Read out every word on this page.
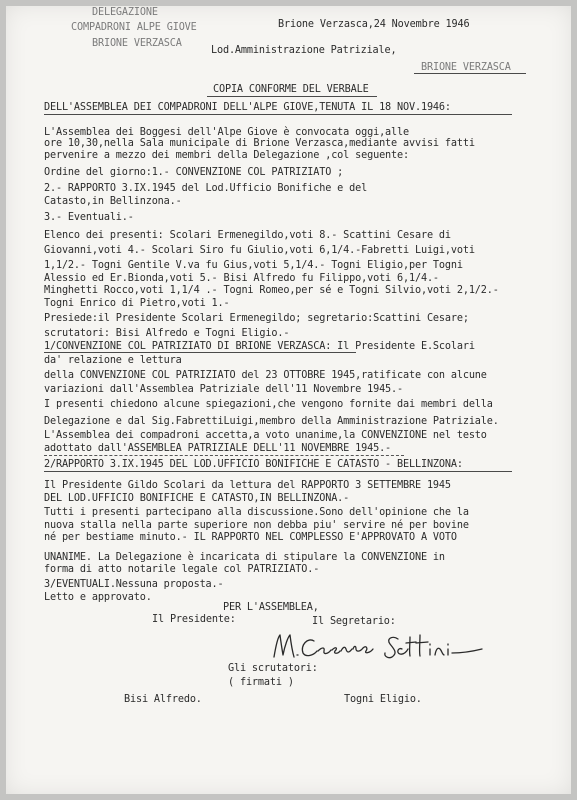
DELEGAZIONE
COMPADRONI ALPE GIOVE
BRIONE VERZASCA
Brione Verzasca,24 Novembre 1946
Lod.Amministrazione Patriziale,
BRIONE VERZASCA
COPIA CONFORME DEL VERBALE
DELL'ASSEMBLEA DEI COMPADRONI DELL'ALPE GIOVE,TENUTA IL 18 NOV.1946:
L'Assemblea dei Boggesi dell'Alpe Giove è convocata oggi,alle
ore 10,30,nella Sala municipale di Brione Verzasca,mediante avvisi fatti
pervenire a mezzo dei membri della Delegazione ,col seguente:
Ordine del giorno:1.- CONVENZIONE COL PATRIZIATO ;
2.- RAPPORTO 3.IX.1945 del Lod.Ufficio Bonifiche e del
Catasto,in Bellinzona.-
3.- Eventuali.-
Elenco dei presenti: Scolari Ermenegildo,voti 8.- Scattini Cesare di
Giovanni,voti 4.- Scolari Siro fu Giulio,voti 6,1/4.-Fabretti Luigi,voti
1,1/2.- Togni Gentile V.va fu Gius,voti 5,1/4.- Togni Eligio,per Togni
Alessio ed Er.Bionda,voti 5.- Bisi Alfredo fu Filippo,voti 6,1/4.-
Minghetti Rocco,voti 1,1/4 .- Togni Romeo,per sé e Togni Silvio,voti 2,1/2.-
Togni Enrico di Pietro,voti 1.-
Presiede:il Presidente Scolari Ermenegildo; segretario:Scattini Cesare;
scrutatori: Bisi Alfredo e Togni Eligio.-
1/CONVENZIONE COL PATRIZIATO DI BRIONE VERZASCA: Il Presidente E.Scolari
da' relazione e lettura
della CONVENZIONE COL PATRIZIATO del 23 OTTOBRE 1945,ratificate con alcune
variazioni dall'Assemblea Patriziale dell'11 Novembre 1945.-
I presenti chiedono alcune spiegazioni,che vengono fornite dai membri della
Delegazione e dal Sig.FabrettiLuigi,membro della Amministrazione Patriziale.
L'Assemblea dei compadroni accetta,a voto unanime,la CONVENZIONE nel testo
adottato dall'ASSEMBLEA PATRIZIALE DELL'11 NOVEMBRE 1945.-
2/RAPPORTO 3.IX.1945 DEL LOD.UFFICIO BONIFICHE E CATASTO - BELLINZONA:
Il Presidente Gildo Scolari da lettura del RAPPORTO 3 SETTEMBRE 1945
DEL LOD.UFFICIO BONIFICHE E CATASTO,IN BELLINZONA.-
Tutti i presenti partecipano alla discussione.Sono dell'opinione che la
nuova stalla nella parte superiore non debba piu' servire né per bovine
né per bestiame minuto.- IL RAPPORTO NEL COMPLESSO E'APPROVATO A VOTO
UNANIME. La Delegazione è incaricata di stipulare la CONVENZIONE in
forma di atto notarile legale col PATRIZIATO.-
3/EVENTUALI.Nessuna proposta.-
Letto e approvato.
PER L'ASSEMBLEA,
Il Presidente:	Il Segretario:
Gli scrutatori:
( firmati )
Bisi Alfredo.	Togni Eligio.
